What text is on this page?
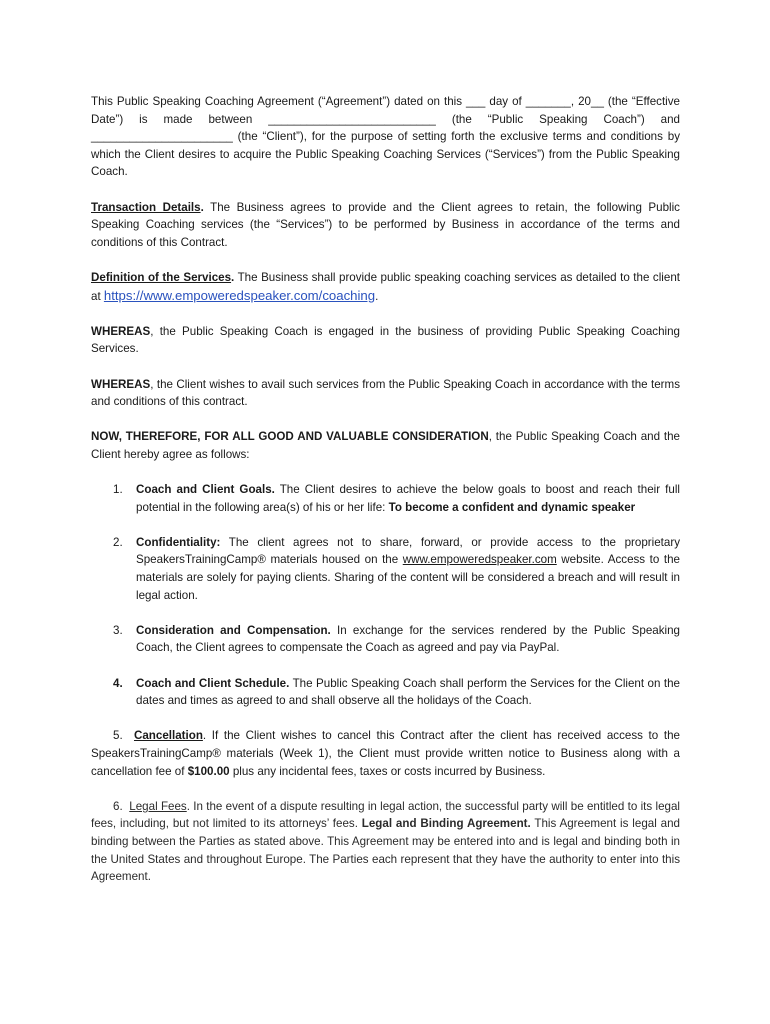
This Public Speaking Coaching Agreement (“Agreement”) dated on this ___ day of _______, 20__ (the “Effective Date”) is made between __________________________ (the “Public Speaking Coach”) and ______________________ (the “Client”), for the purpose of setting forth the exclusive terms and conditions by which the Client desires to acquire the Public Speaking Coaching Services (“Services”) from the Public Speaking Coach.

Transaction Details. The Business agrees to provide and the Client agrees to retain, the following Public Speaking Coaching services (the “Services”) to be performed by Business in accordance of the terms and conditions of this Contract.

Definition of the Services. The Business shall provide public speaking coaching services as detailed to the client at https://www.empoweredspeaker.com/coaching.

WHEREAS, the Public Speaking Coach is engaged in the business of providing Public Speaking Coaching Services.

WHEREAS, the Client wishes to avail such services from the Public Speaking Coach in accordance with the terms and conditions of this contract.

NOW, THEREFORE, FOR ALL GOOD AND VALUABLE CONSIDERATION, the Public Speaking Coach and the Client hereby agree as follows:

1.	Coach and Client Goals. The Client desires to achieve the below goals to boost and reach their full potential in the following area(s) of his or her life: To become a confident and dynamic speaker
2.	Confidentiality: The client agrees not to share, forward, or provide access to the proprietary SpeakersTrainingCamp® materials housed on the www.empoweredspeaker.com website. Access to the materials are solely for paying clients. Sharing of the content will be considered a breach and will result in legal action.
3.	Consideration and Compensation. In exchange for the services rendered by the Public Speaking Coach, the Client agrees to compensate the Coach as agreed and pay via PayPal.
4.	Coach and Client Schedule. The Public Speaking Coach shall perform the Services for the Client on the dates and times as agreed to and shall observe all the holidays of the Coach.

5. Cancellation. If the Client wishes to cancel this Contract after the client has received access to the SpeakersTrainingCamp® materials (Week 1), the Client must provide written notice to Business along with a cancellation fee of $100.00 plus any incidental fees, taxes or costs incurred by Business.

6. Legal Fees. In the event of a dispute resulting in legal action, the successful party will be entitled to its legal fees, including, but not limited to its attorneys’ fees. Legal and Binding Agreement. This Agreement is legal and binding between the Parties as stated above. This Agreement may be entered into and is legal and binding both in the United States and throughout Europe. The Parties each represent that they have the authority to enter into this Agreement.
